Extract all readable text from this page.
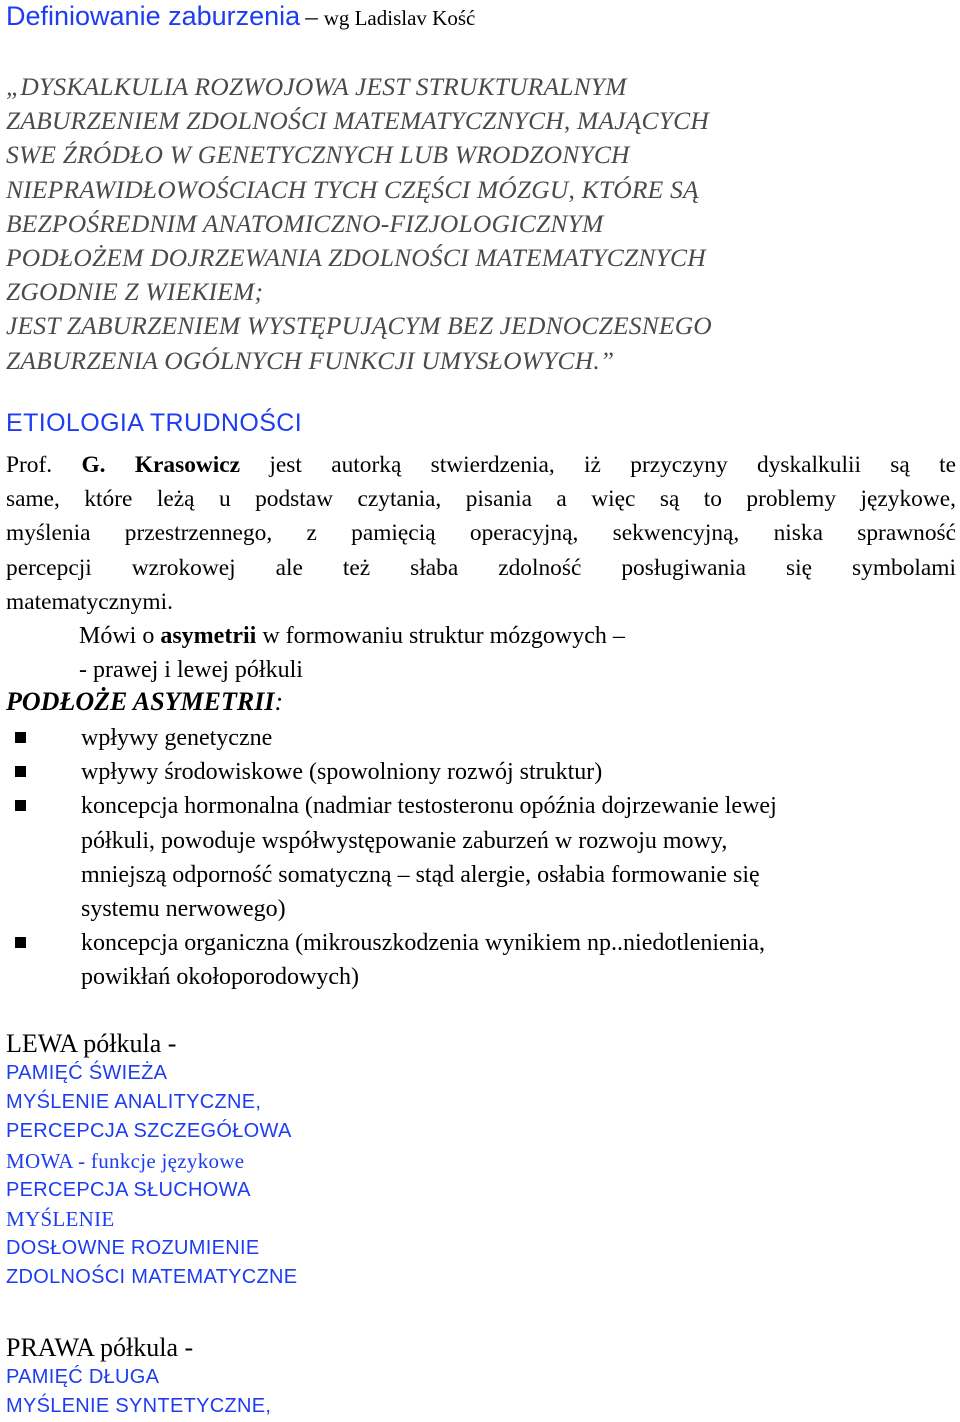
Definiowanie zaburzenia – wg Ladislav Kość
„DYSKALKULIA ROZWOJOWA JEST STRUKTURALNYM
ZABURZENIEM ZDOLNOŚCI MATEMATYCZNYCH, MAJĄCYCH
SWE ŹRÓDŁO W GENETYCZNYCH LUB WRODZONYCH
NIEPRAWIDŁOWOŚCIACH TYCH CZĘŚCI MÓZGU, KTÓRE SĄ
BEZPOŚREDNIM ANATOMICZNO-FIZJOLOGICZNYM
PODŁOŻEM DOJRZEWANIA ZDOLNOŚCI MATEMATYCZNYCH
ZGODNIE Z WIEKIEM;
JEST ZABURZENIEM WYSTĘPUJĄCYM BEZ JEDNOCZESNEGO
ZABURZENIA OGÓLNYCH FUNKCJI UMYSŁOWYCH.”
ETIOLOGIA TRUDNOŚCI
Prof. G. Krasowicz jest autorką stwierdzenia, iż przyczyny dyskalkulii są te
same, które leżą u podstaw czytania, pisania a więc są to problemy językowe,
myślenia przestrzennego, z pamięcią operacyjną, sekwencyjną, niska sprawność
percepcji wzrokowej ale też słaba zdolność posługiwania się symbolami
matematycznymi.
Mówi o asymetrii w formowaniu struktur mózgowych –
- prawej i lewej półkuli
PODŁOŻE ASYMETRII:
wpływy genetyczne
wpływy środowiskowe (spowolniony rozwój struktur)
koncepcja hormonalna (nadmiar testosteronu opóźnia dojrzewanie lewej
półkuli, powoduje współwystępowanie zaburzeń w rozwoju mowy,
mniejszą odporność somatyczną – stąd alergie, osłabia formowanie się
systemu nerwowego)
koncepcja organiczna (mikrouszkodzenia wynikiem np..niedotlenienia,
powikłań okołoporodowych)
LEWA półkula -
PAMIĘĆ ŚWIEŻA
MYŚLENIE ANALITYCZNE,
PERCEPCJA SZCZEGÓŁOWA
MOWA - funkcje językowe
PERCEPCJA SŁUCHOWA
MYŚLENIE
DOSŁOWNE ROZUMIENIE
ZDOLNOŚCI MATEMATYCZNE
PRAWA półkula -
PAMIĘĆ DŁUGA
MYŚLENIE SYNTETYCZNE,
